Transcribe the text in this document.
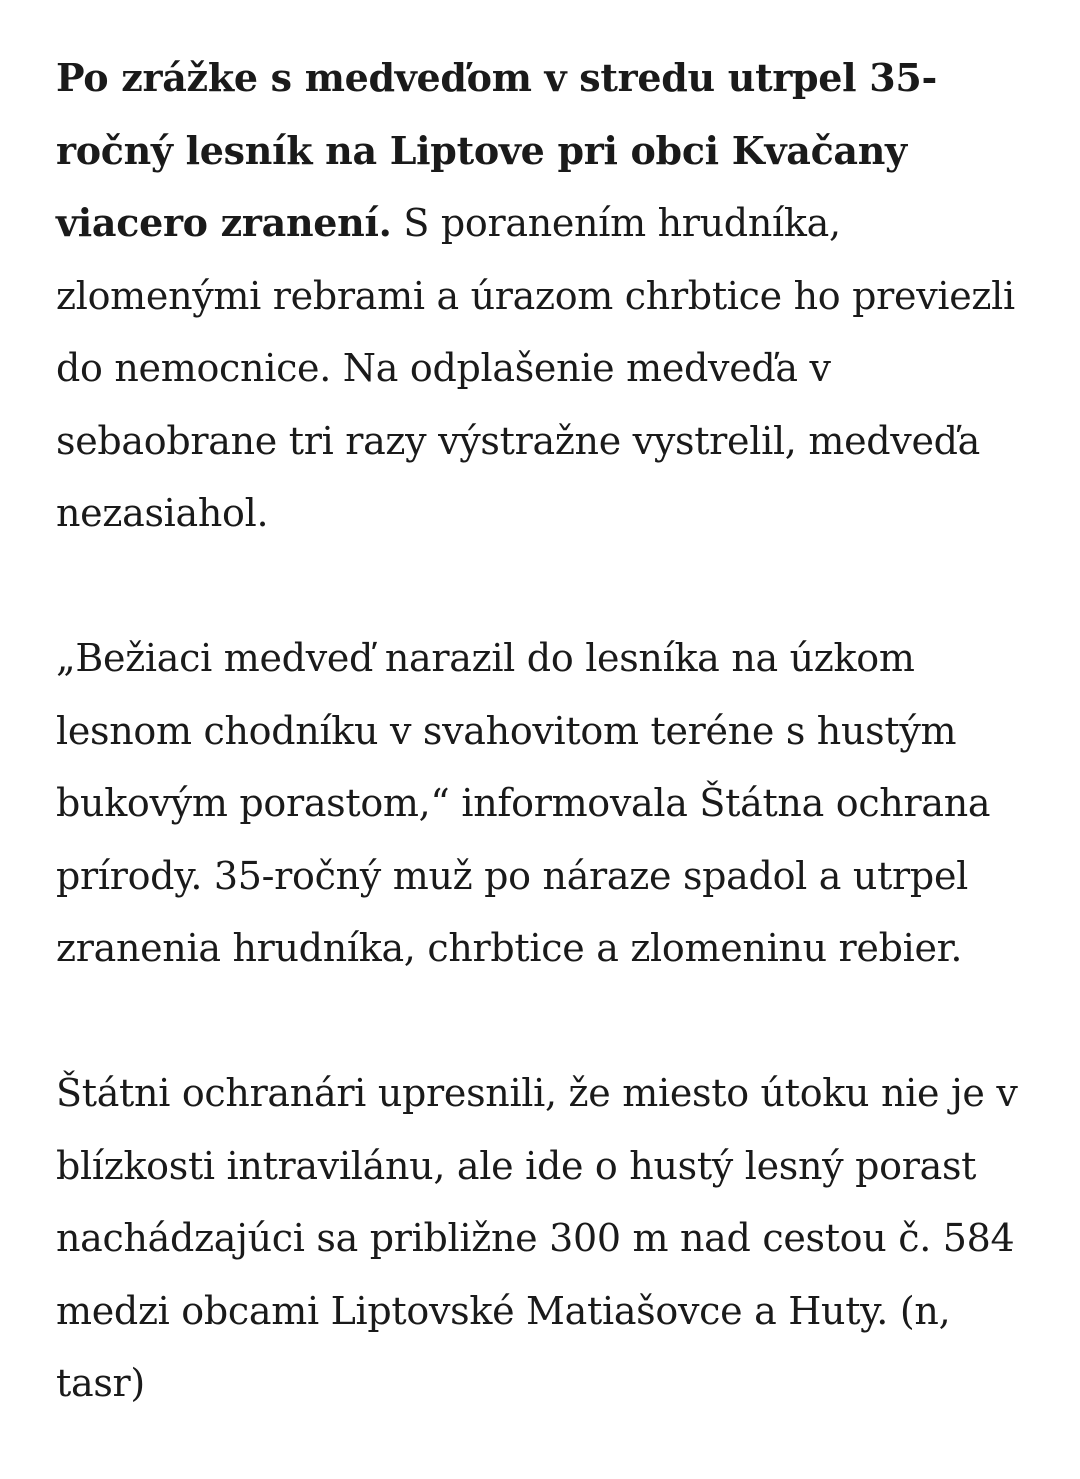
Po zrážke s medveďom v stredu utrpel 35-ročný lesník na Liptove pri obci Kvačany viacero zranení. S poranením hrudníka, zlomenými rebrami a úrazom chrbtice ho previezli do nemocnice. Na odplašenie medveďa v sebaobrane tri razy výstražne vystrelil, medveďa nezasiahol.

„Bežiaci medveď narazil do lesníka na úzkom lesnom chodníku v svahovitom teréne s hustým bukovým porastom,“ informovala Štátna ochrana prírody. 35-ročný muž po náraze spadol a utrpel zranenia hrudníka, chrbtice a zlomeninu rebier.

Štátni ochranári upresnili, že miesto útoku nie je v blízkosti intravilánu, ale ide o hustý lesný porast nachádzajúci sa približne 300 m nad cestou č. 584 medzi obcami Liptovské Matiašovce a Huty. (n, tasr)
